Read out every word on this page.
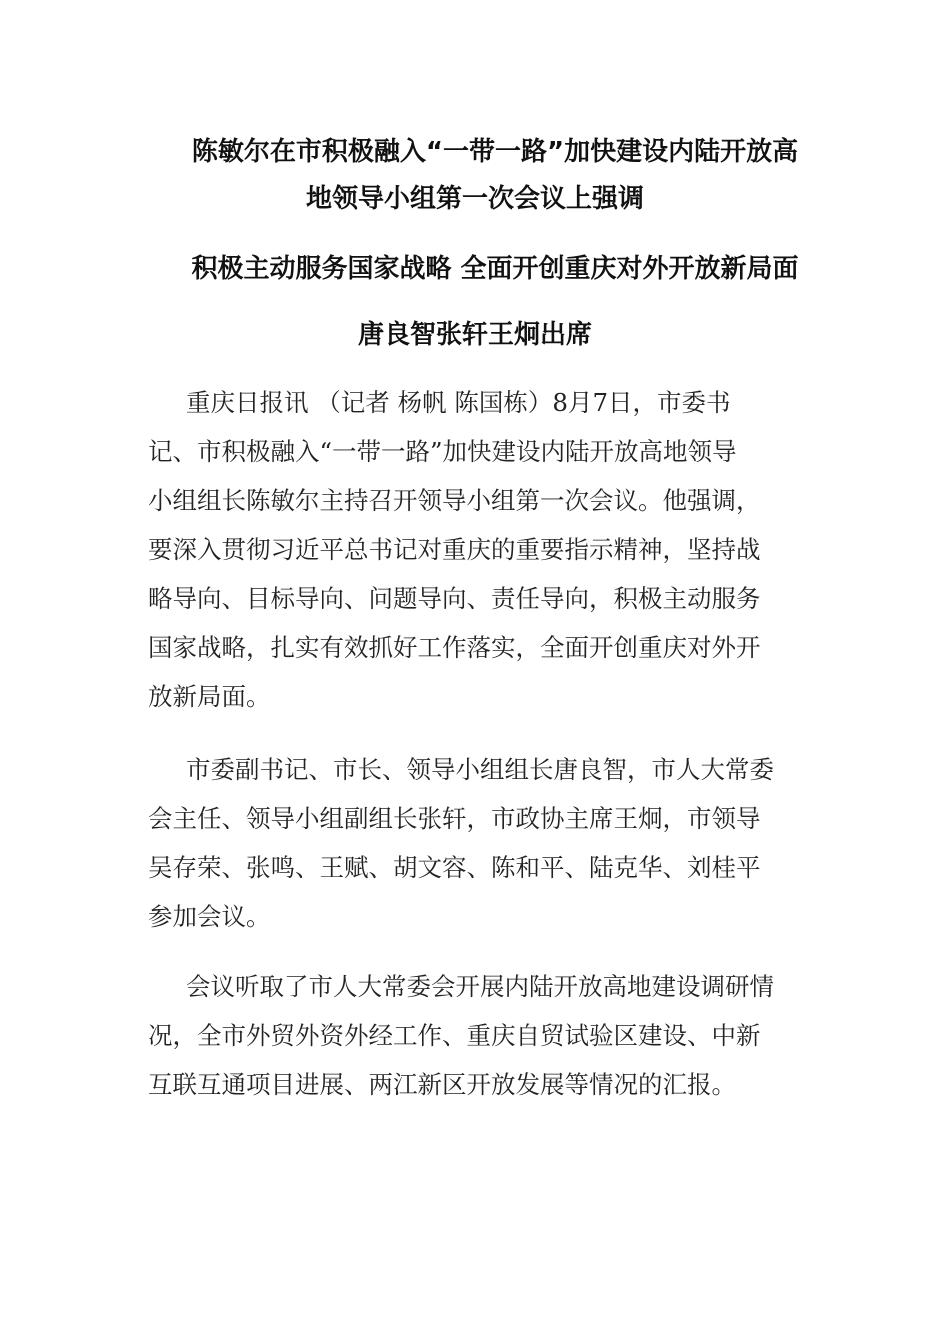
陈敏尔在市积极融入“一带一路”加快建设内陆开放高
地领导小组第一次会议上强调
积极主动服务国家战略 全面开创重庆对外开放新局面
唐良智张轩王炯出席
重庆日报讯 （记者 杨帆 陈国栋）8月7日，市委书
记、市积极融入“一带一路”加快建设内陆开放高地领导
小组组长陈敏尔主持召开领导小组第一次会议。他强调，
要深入贯彻习近平总书记对重庆的重要指示精神，坚持战
略导向、目标导向、问题导向、责任导向，积极主动服务
国家战略，扎实有效抓好工作落实，全面开创重庆对外开
放新局面。
市委副书记、市长、领导小组组长唐良智，市人大常委
会主任、领导小组副组长张轩，市政协主席王炯，市领导
吴存荣、张鸣、王赋、胡文容、陈和平、陆克华、刘桂平
参加会议。
会议听取了市人大常委会开展内陆开放高地建设调研情
况，全市外贸外资外经工作、重庆自贸试验区建设、中新
互联互通项目进展、两江新区开放发展等情况的汇报。
